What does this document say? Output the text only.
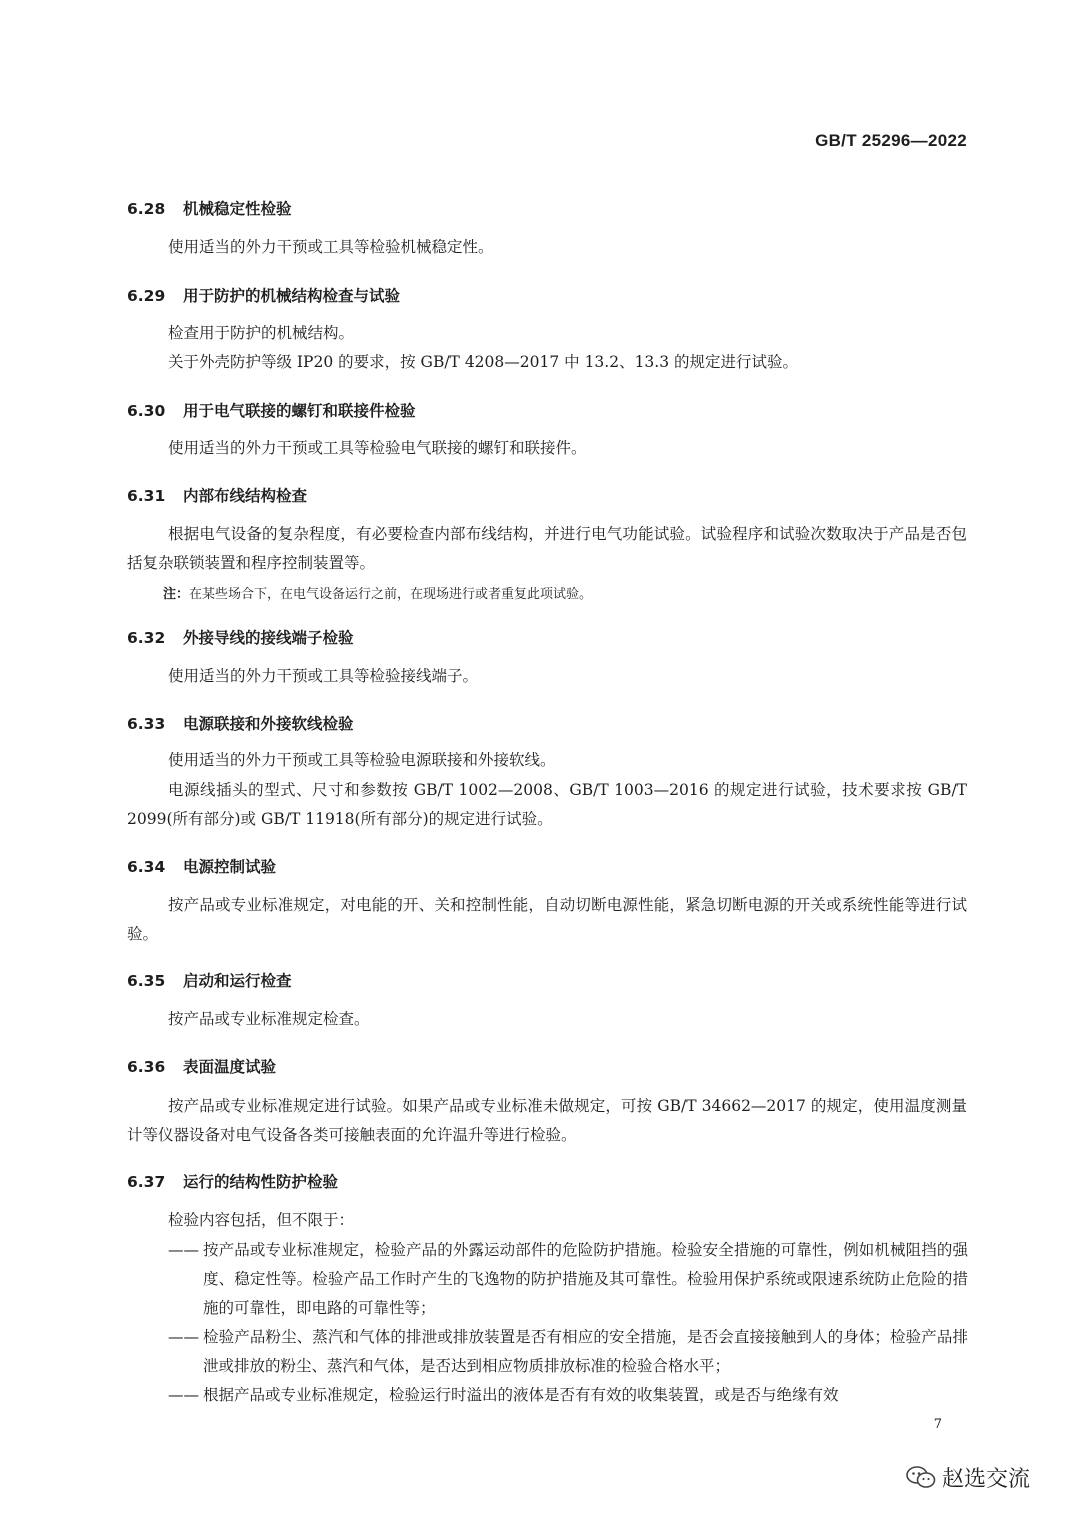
GB/T 25296—2022
6.28 机械稳定性检验

使用适当的外力干预或工具等检验机械稳定性。

6.29 用于防护的机械结构检查与试验

检查用于防护的机械结构。

关于外壳防护等级 IP20 的要求，按 GB/T 4208—2017 中 13.2、13.3 的规定进行试验。

6.30 用于电气联接的螺钉和联接件检验

使用适当的外力干预或工具等检验电气联接的螺钉和联接件。

6.31 内部布线结构检查

根据电气设备的复杂程度，有必要检查内部布线结构，并进行电气功能试验。试验程序和试验次数取决于产品是否包括复杂联锁装置和程序控制装置等。

注：在某些场合下，在电气设备运行之前，在现场进行或者重复此项试验。
6.32 外接导线的接线端子检验

使用适当的外力干预或工具等检验接线端子。

6.33 电源联接和外接软线检验

使用适当的外力干预或工具等检验电源联接和外接软线。

电源线插头的型式、尺寸和参数按 GB/T 1002—2008、GB/T 1003—2016 的规定进行试验，技术要求按 GB/T 2099(所有部分)或 GB/T 11918(所有部分)的规定进行试验。

6.34 电源控制试验

按产品或专业标准规定，对电能的开、关和控制性能，自动切断电源性能，紧急切断电源的开关或系统性能等进行试验。

6.35 启动和运行检查

按产品或专业标准规定检查。

6.36 表面温度试验

按产品或专业标准规定进行试验。如果产品或专业标准未做规定，可按 GB/T 34662—2017 的规定，使用温度测量计等仪器设备对电气设备各类可接触表面的允许温升等进行检验。

6.37 运行的结构性防护检验

检验内容包括，但不限于：

—— 按产品或专业标准规定，检验产品的外露运动部件的危险防护措施。检验安全措施的可靠性，例如机械阻挡的强度、稳定性等。检验产品工作时产生的飞逸物的防护措施及其可靠性。检验用保护系统或限速系统防止危险的措施的可靠性，即电路的可靠性等；
—— 检验产品粉尘、蒸汽和气体的排泄或排放装置是否有相应的安全措施，是否会直接接触到人的身体；检验产品排泄或排放的粉尘、蒸汽和气体，是否达到相应物质排放标准的检验合格水平；
—— 根据产品或专业标准规定，检验运行时溢出的液体是否有有效的收集装置，或是否与绝缘有效
7
赵选交流
